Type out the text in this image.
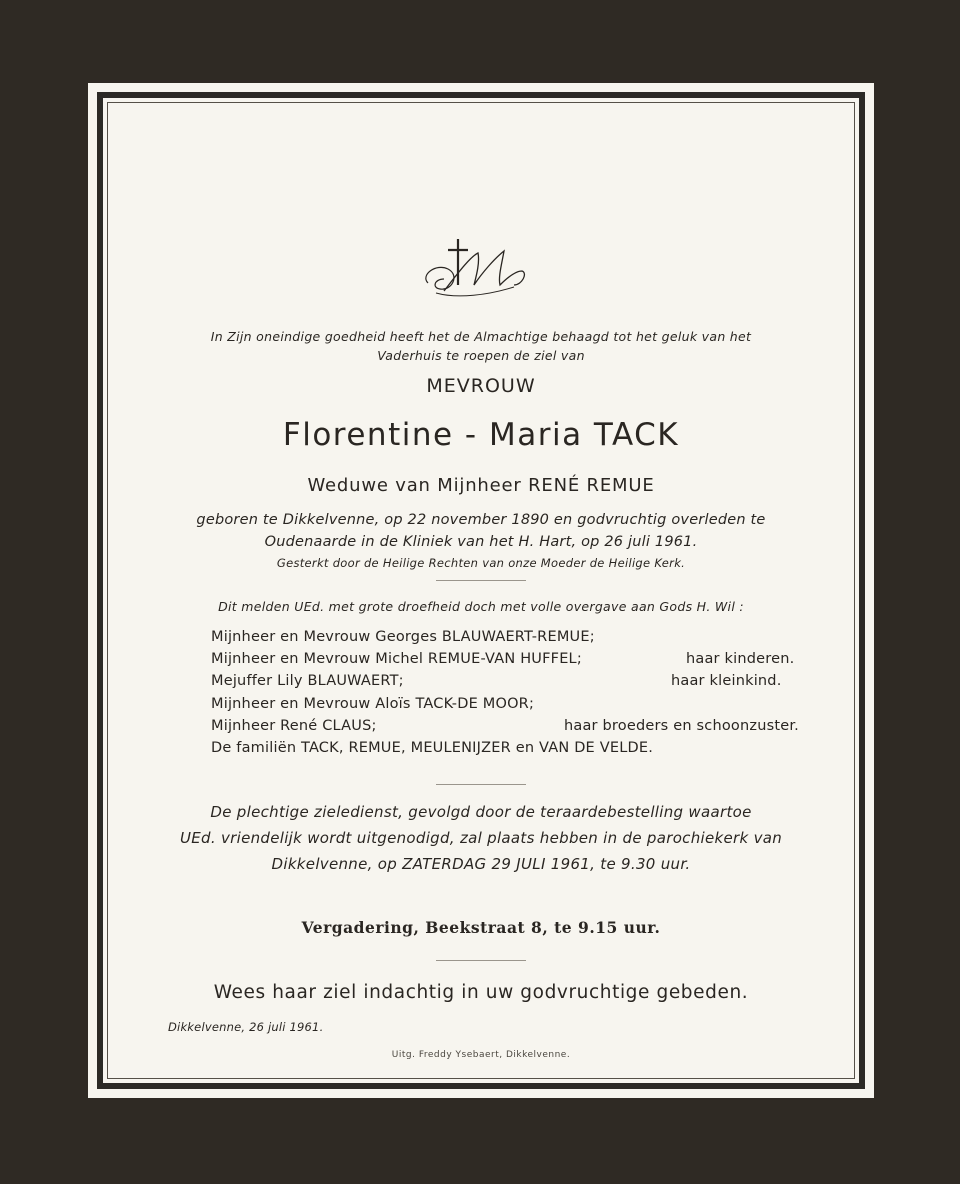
In Zijn oneindige goedheid heeft het de Almachtige behaagd tot het geluk van het
Vaderhuis te roepen de ziel van
MEVROUW
Florentine - Maria TACK
Weduwe van Mijnheer RENÉ REMUE
geboren te Dikkelvenne, op 22 november 1890 en godvruchtig overleden te
Oudenaarde in de Kliniek van het H. Hart, op 26 juli 1961.
Gesterkt door de Heilige Rechten van onze Moeder de Heilige Kerk.
Dit melden UEd. met grote droefheid doch met volle overgave aan Gods H. Wil :
Mijnheer en Mevrouw Georges BLAUWAERT-REMUE;
Mijnheer en Mevrouw Michel REMUE-VAN HUFFEL;	haar kinderen.
Mejuffer Lily BLAUWAERT;	haar kleinkind.
Mijnheer en Mevrouw Aloïs TACK-DE MOOR;
Mijnheer René CLAUS;	haar broeders en schoonzuster.
De familiën TACK, REMUE, MEULENIJZER en VAN DE VELDE.
De plechtige zieledienst, gevolgd door de teraardebestelling waartoe
UEd. vriendelijk wordt uitgenodigd, zal plaats hebben in de parochiekerk van
Dikkelvenne, op ZATERDAG 29 JULI 1961, te 9.30 uur.
Vergadering, Beekstraat 8, te 9.15 uur.
Wees haar ziel indachtig in uw godvruchtige gebeden.
Dikkelvenne, 26 juli 1961.
Uitg. Freddy Ysebaert, Dikkelvenne.
